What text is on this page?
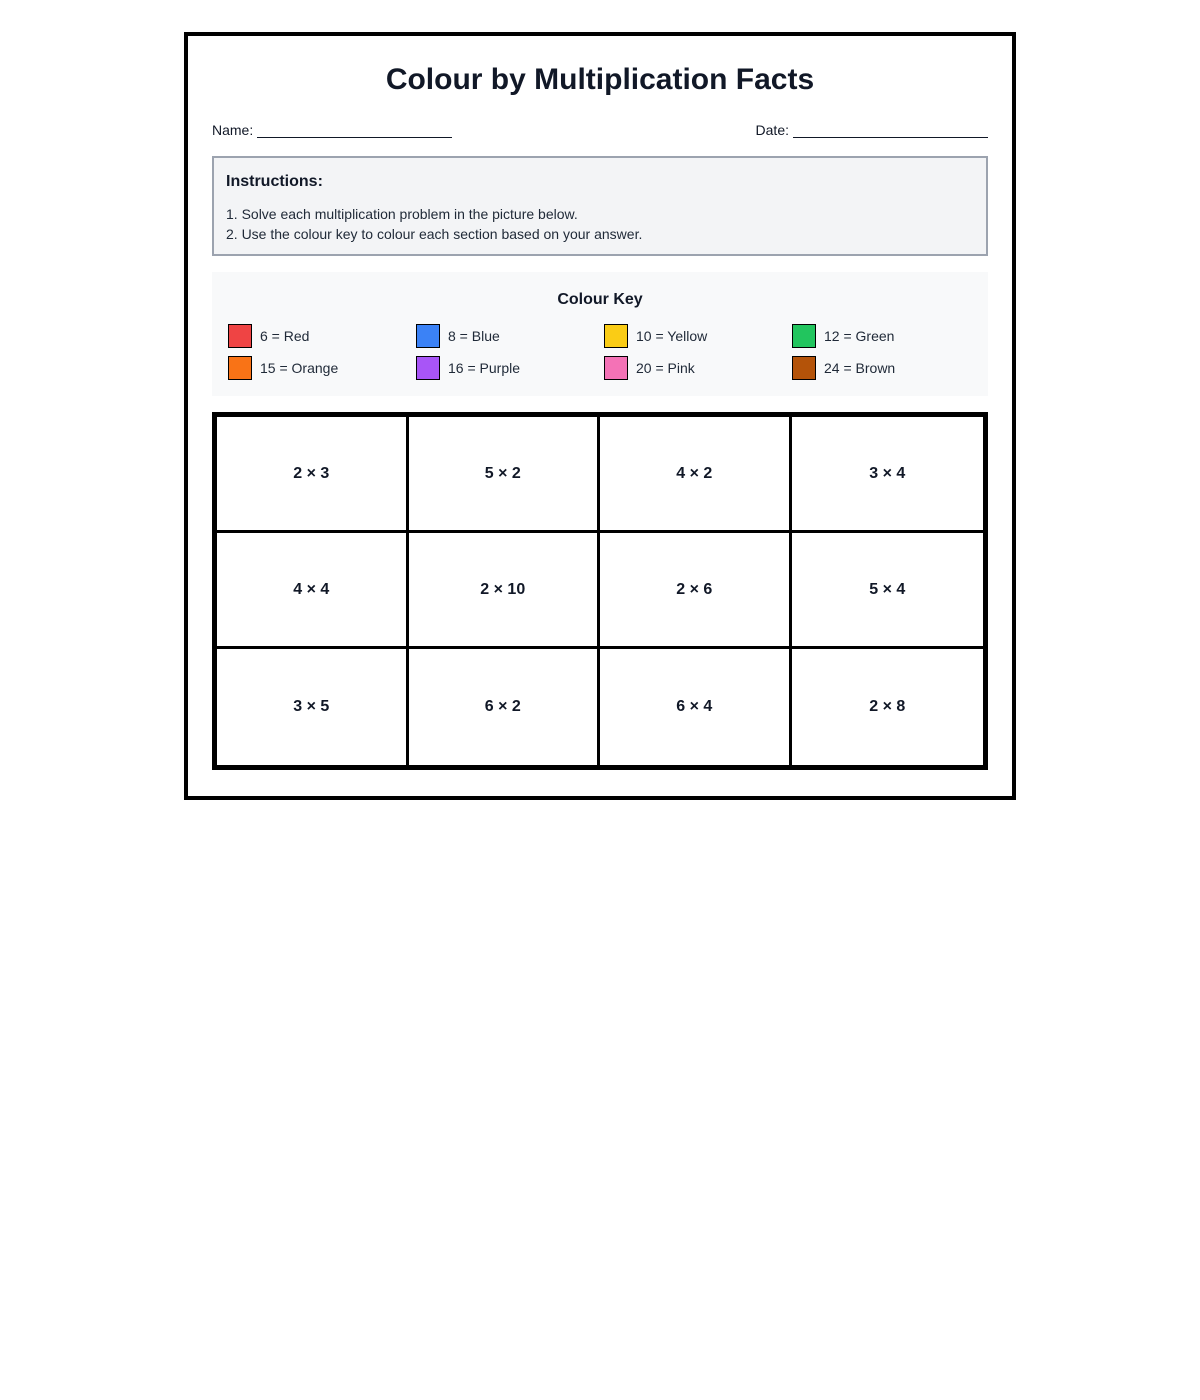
Colour by Multiplication Facts
Name:	Date:
Instructions:

1. Solve each multiplication problem in the picture below.

2. Use the colour key to colour each section based on your answer.

Colour Key
6 = Red	8 = Blue	10 = Yellow	12 = Green
15 = Orange	16 = Purple	20 = Pink	24 = Brown
2 × 3	5 × 2	4 × 2	3 × 4
4 × 4	2 × 10	2 × 6	5 × 4
3 × 5	6 × 2	6 × 4	2 × 8
